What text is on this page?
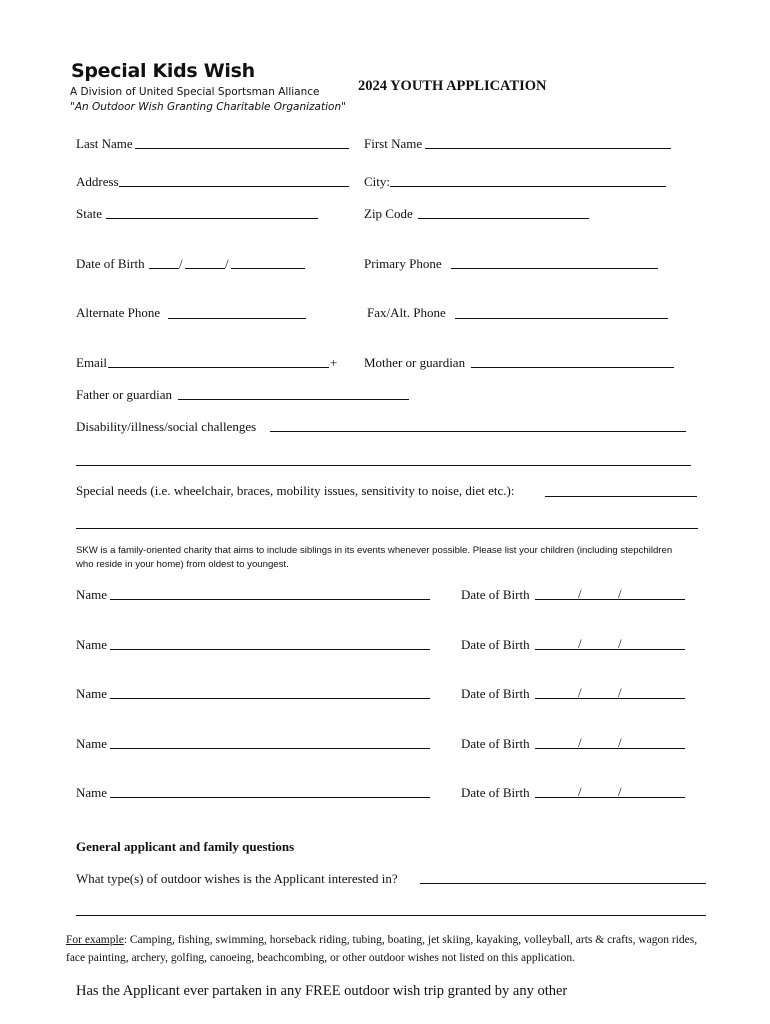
Special Kids Wish
A Division of United Special Sportsman Alliance
"An Outdoor Wish Granting Charitable Organization"
2024 YOUTH APPLICATION
Last Name	First Name
Address	City:
State	Zip Code
Date of Birth	/	/	Primary Phone
Alternate Phone	Fax/Alt. Phone
Email	+ Mother or guardian
Father or guardian
Disability/illness/social challenges
Special needs (i.e. wheelchair, braces, mobility issues, sensitivity to noise, diet etc.):
SKW is a family-oriented charity that aims to include siblings in its events whenever possible. Please list your children (including stepchildren who reside in your home) from oldest to youngest.
Name	Date of Birth	/	/
Name	Date of Birth	/	/
Name	Date of Birth	/	/
Name	Date of Birth	/	/
Name	Date of Birth	/	/
General applicant and family questions
What type(s) of outdoor wishes is the Applicant interested in?
For example: Camping, fishing, swimming, horseback riding, tubing, boating, jet skiing, kayaking, volleyball, arts & crafts, wagon rides, face painting, archery, golfing, canoeing, beachcombing, or other outdoor wishes not listed on this application.
Has the Applicant ever partaken in any FREE outdoor wish trip granted by any other
